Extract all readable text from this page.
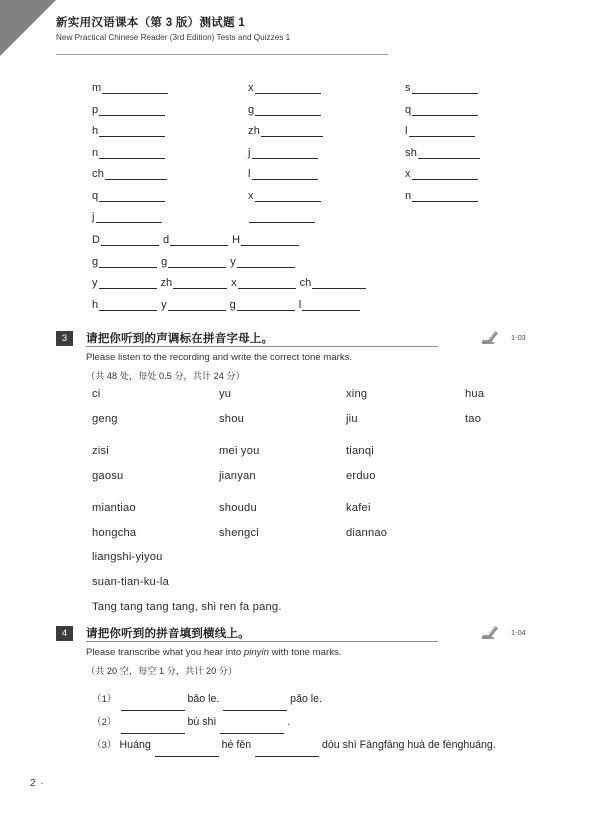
新实用汉语课本（第 3 版）测试题 1
New Practical Chinese Reader (3rd Edition) Tests and Quizzes 1
m	x	s
p	g	q
h	zh	l
n	j	sh
ch	l	x
q	x	n
j
D	d	H
g	g	y
y	zh	x	ch
h	y	g	l
3	请把你听到的声调标在拼音字母上。	1-03
Please listen to the recording and write the correct tone marks.
（共 48 处，每处 0.5 分，共计 24 分）
ci	yu	xing	hua
geng	shou	jiu	tao
zisi	mei you	tianqi
gaosu	jianyan	erduo
miantiao	shoudu	kafei
hongcha	shengci	diannao
liangshi-yiyou
suan-tian-ku-la
Tang tang tang tang, shi ren fa pang.
4	请把你听到的拼音填到横线上。	1-04
Please transcribe what you hear into pinyin with tone marks.
（共 20 空，每空 1 分，共计 20 分）
（1）	bǎo le.	pǎo le.
（2）	bú shì	.
（3） Huáng	hé fěn	dōu shì Fāngfāng huà de fènghuáng.
2 ·
